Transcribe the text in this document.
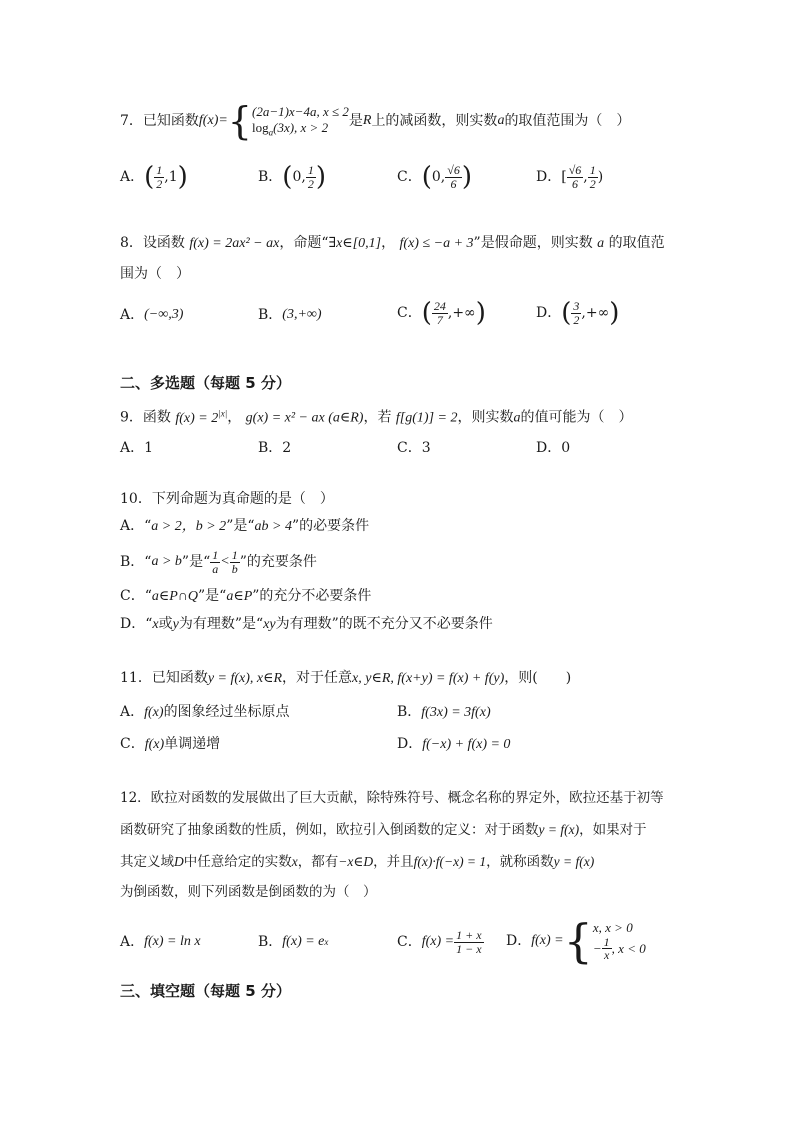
7． 已知函数 f(x)= { (2a−1)x−4a, x ≤ 2
$\log_a(3x)$, x > 2	是 R 上的减函数，则实数 a 的取值范围为（　）
A． ( $\frac{1}{2} ,1$ )	B． ( 0, $\frac{1}{2}$ )	C． ( 0, $\frac{√6}{6}$ )	D． [ $\frac{√6}{6}$ , $\frac{1}{2}$ )
8．设函数 f(x) = 2ax² − ax，命题“∃x∈[0,1]， f(x) ≤ −a + 3”是假命题，则实数 a 的取值范
围为（　）
A． (−∞,3)	B． (3,+∞)	C． ( $\frac{24}{7}$ ,+∞ )	D． ( $\frac{3}{2}$ ,+∞ )
二、多选题（每题 5 分）
9．函数 $f(x) = 2^{|x|}$， g(x) = x² − ax (a∈R)，若 f[g(1)] = 2，则实数a的值可能为（　）
A．1	B．2	C．3	D．0
10．下列命题为真命题的是（　）
A．“a > 2，b > 2”是“ab > 4”的必要条件
B．“ a > b ”是“ $\frac{1}{a} < \frac{1}{b}$ ”的充要条件
C．“a∈P∩Q”是“a∈P”的充分不必要条件
D．“x或y为有理数”是“xy为有理数”的既不充分又不必要条件
11．已知函数y = f(x), x∈R，对于任意x, y∈R, f(x+y) = f(x) + f(y)，则(　　)
A．f(x)的图象经过坐标原点	B．f(3x) = 3f(x)
C．f(x)单调递增	D．f(−x) + f(x) = 0
12．欧拉对函数的发展做出了巨大贡献，除特殊符号、概念名称的界定外，欧拉还基于初等
函数研究了抽象函数的性质，例如，欧拉引入倒函数的定义：对于函数y = f(x)，如果对于
其定义域D中任意给定的实数x，都有−x∈D，并且f(x)·f(−x) = 1，就称函数y = f(x)
为倒函数，则下列函数是倒函数的为（　）
A． f(x) = ln x	B． f(x) = e x	C． $f(x) = \frac{1 + x}{1 - x}$ D． f(x) = { x, x > 0
− $\frac{1}{x}$ , x < 0
三、填空题（每题 5 分）
